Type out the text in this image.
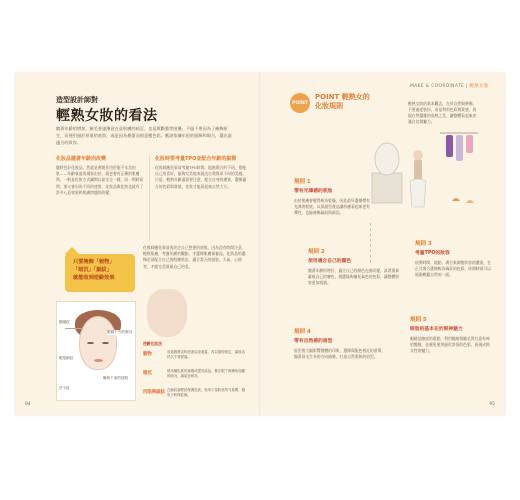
造型設計師對
輕熟女妝的看法
隨著年齡的增加，臉毛會逐漸意在意肌膚的暗沉，也是與斷強等困擾。不過不要因為了掩飾原生，而便用過於厚重的底妝，或是因為擔憂而刻意壓色彩。應該依據年紀的服飾和場合，選出最適合的妝容。
化妝品隨著年齡而改變
隨時包好化妝品，然就是會開作用於能不年美的肌……年齡衰退的現象由於，就更會有正確的肌膚問，一般是化妝方式屬期以前完全一樣，同一期時而問，卻又會因為不同的使用，化妝品與化妝也就有了許多心意效果和肌膚問題的改變。
化妝時要考量TPO並配合年齡的細節
化妝師應免事前考量TPO時間，地點場合的不同，搭配自己的喜好，能夠完美地表現出自我與眾不同的美感。只是，輕熟年齡還需要注意，配合自身的膚質，選擇適合的色彩與質地，化妝才能看起來自然大方。
化妝師應免事前的決定自己想要的底妝，因為沒有時間注意，輕熟肌膚，考慮年齡的觀點，才選擇肌膚保養品。化妝品的選擇必須配合自己的肌膚狀況，適合當天的服裝、天氣、心情等，才能完美展現自己的美。
只要掩飾「毅物」
「暗沉」「細紋」
就能收到逆齡效果
額頭紋
眼尾細紋
法令紋
眼睛下方的暗沉
嘴角下垂的紋路
逆齡化妝法
毅物	用遮瑕膏或粉底液局部遮蓋，再以蜜粉固定，讓妝容持久不易脫落。
暗沉	使用橘色系的遮瑕或提亮產品，修正眼下與嘴角周圍的暗沉，讓氣色明亮。
凹陷與細紋 在細紋處輕拍保濕乳液，再用少量粉底均勻推開，避免卡粉與乾燥。
94
MAKE & COORDINATE | 輕熟女妝
POINT
POINT 輕熟女的
化妝規則	輕熟女妝的基本觀念，在於自然與修飾。不要過度裝扮，而是利用色彩與質感，展現自然優雅的成熟之美，讓整體看起來充滿自信與魅力。
規則 1
帶有光澤感的底妝
由於肌膚會變得較為乾燥，因此最好選擇帶有光澤的粉底，以保濕型產品讓肌膚看起來更有彈性，也能修飾細紋與暗沉。
規則 2
使用適合自己的顏色
隨著年齡的增長，適合自己的顏色也會改變。試著重新審視自己的膚色，挑選能夠襯托氣色的色彩，讓整體妝容更加協調。
規則 3
考量TPO的妝容
依照時間、地點、場合來調整妝容的濃淡，在正式場合選擇較為端莊的色彩，休閒時則可以展現輕鬆自然的一面。
規則 4
帶有自然感的眉型
眉型會大幅影響整體的印象，選擇與髮色相近的眉筆，順著眉毛生長的方向描繪，打造自然柔和的眉型。
規則 5
眼妝的基本在於眼神魅力
眼睛是臉部的重點，利用眼線與睫毛膏打造有神的雙眼，並避免使用過於誇張的色彩，展現成熟女性的魅力。
95
